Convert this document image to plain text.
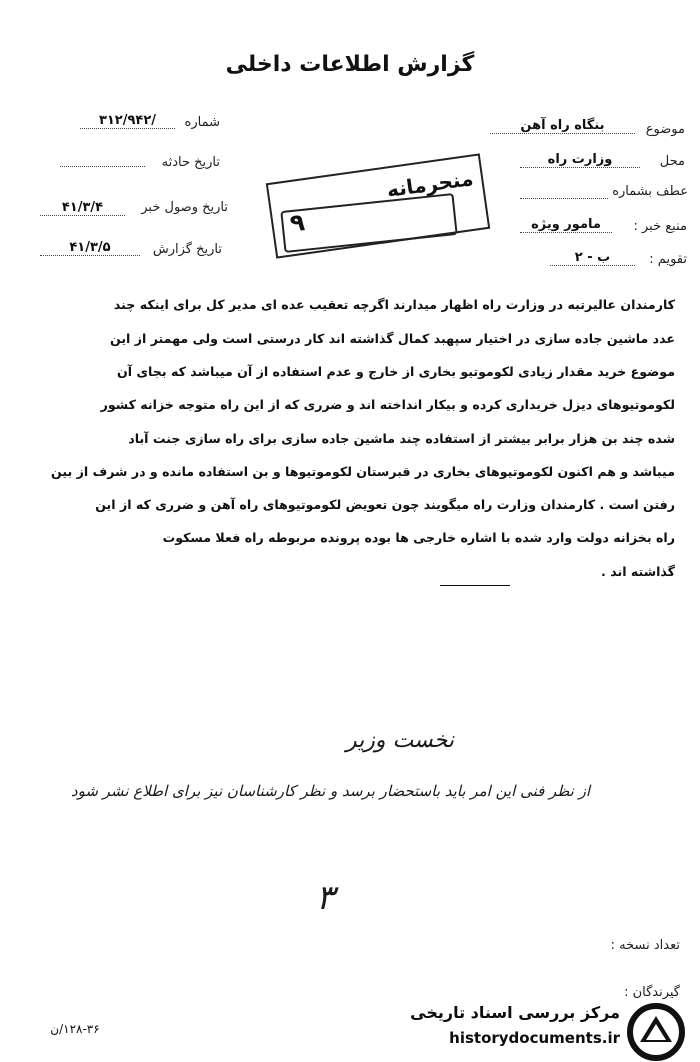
گزارش اطلاعات داخلی
شماره
۳۱۲/۹۴۲/
تاریخ حادثه
تاریخ وصول خبر
۴۱/۳/۴
تاریخ گزارش
۴۱/۳/۵
موضوع
بنگاه راه آهن
محل
وزارت راه
عطف بشماره
منبع خبر :
مامور ویژه
تقویم :
ب - ۲
منحرمانه
۹
کارمندان عالیرتبه در وزارت راه اظهار میدارند اگرچه تعقیب عده ای مدیر کل برای اینکه چند
عدد ماشین جاده سازی در اختیار سپهبد کمال گذاشته اند کار درستی است ولی مهمتر از این
موضوع خرید مقدار زیادی لکوموتیو بخاری از خارج و عدم استفاده از آن میباشد که بجای آن
لکوموتیوهای دیزل خریداری کرده و بیکار انداخته اند و ضرری که از این راه متوجه خزانه کشور
شده چند بن هزار برابر بیشتر از استفاده چند ماشین جاده سازی برای راه سازی جنت آباد
میباشد و هم اکنون لکوموتیوهای بخاری در قبرستان لکوموتیوها و بن استفاده مانده و در شرف از بین
رفتن است . کارمندان وزارت راه میگویند چون تعویض لکوموتیوهای راه آهن و ضرری که از این
راه بخزانه دولت وارد شده با اشاره خارجی ها بوده پرونده مربوطه راه فعلا مسکوت
گذاشته اند .
نخست وزیر
از نظر فنی این امر باید باستحضار برسد و نظر کارشناسان نیز برای اطلاع نشر شود
۳
تعداد نسخه :
گیرندگان :
۱۲۸-۳۶/ن
مرکز بررسی اسناد تاریخی
historydocuments.ir
